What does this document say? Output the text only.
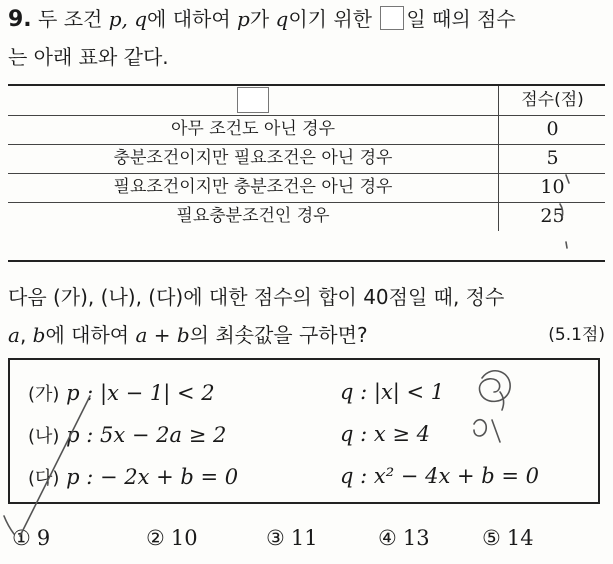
9. 두 조건 p, q에 대하여 p가 q이기 위한 일 때의 점수
는 아래 표와 같다.
점수(점)
아무 조건도 아닌 경우	0
충분조건이지만 필요조건은 아닌 경우	5
필요조건이지만 충분조건은 아닌 경우	10
필요충분조건인 경우	25
다음 (가), (나), (다)에 대한 점수의 합이 40점일 때, 정수
a, b에 대하여 a + b의 최솟값을 구하면?	(5.1점)
(가) p : |x − 1| < 2	q : |x| < 1
(나) p : 5x − 2a ≥ 2	q : x ≥ 4
(다) p : − 2x + b = 0	q : x² − 4x + b = 0
① 9	② 10	③ 11	④ 13 ⑤ 14
